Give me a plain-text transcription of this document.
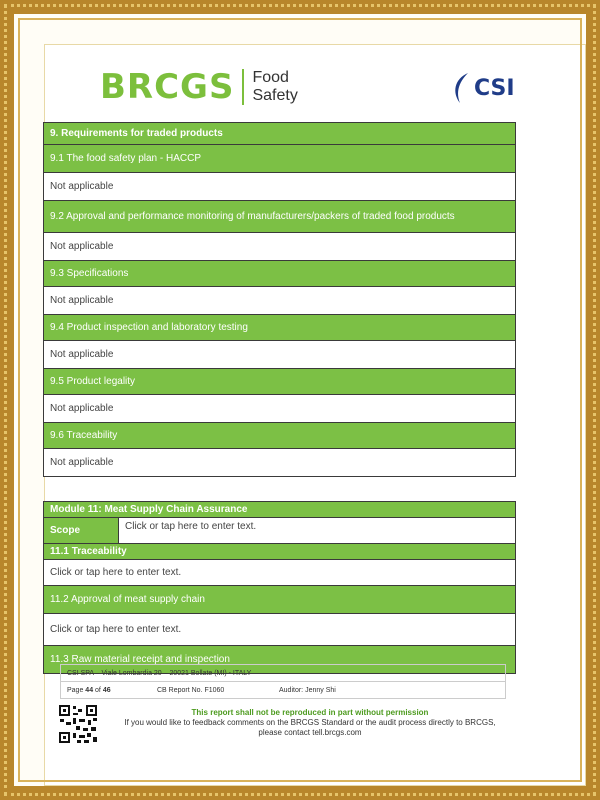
BRCGS Food
Safety	CSI
9. Requirements for traded products
9.1 The food safety plan - HACCP
Not applicable
9.2 Approval and performance monitoring of manufacturers/packers of traded food products
Not applicable
9.3 Specifications
Not applicable
9.4 Product inspection and laboratory testing
Not applicable
9.5 Product legality
Not applicable
9.6 Traceability
Not applicable
Module 11: Meat Supply Chain Assurance
Scope	Click or tap here to enter text.
11.1 Traceability
Click or tap here to enter text.
11.2 Approval of meat supply chain
Click or tap here to enter text.
11.3 Raw material receipt and inspection
CSI SPA – Viale Lombardia 20 – 20021 Bollate (MI) - ITALY
Page 44 of 46	CB Report No. F1060	Auditor: Jenny Shi
This report shall not be reproduced in part without permission
If you would like to feedback comments on the BRCGS Standard or the audit process directly to BRCGS,
please contact tell.brcgs.com
